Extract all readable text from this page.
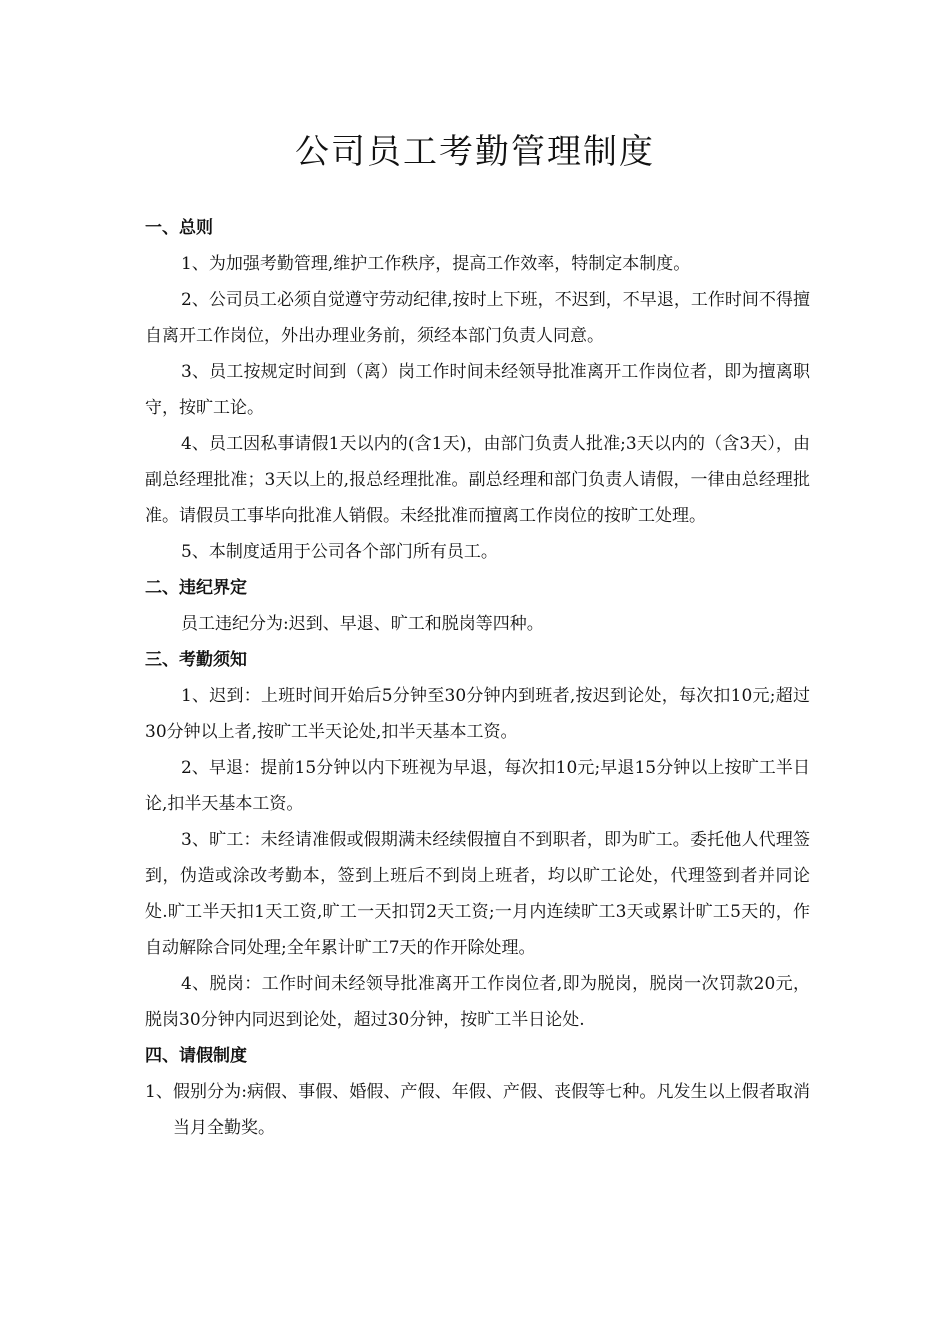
公司员工考勤管理制度
一、总则

1、为加强考勤管理,维护工作秩序，提高工作效率，特制定本制度。

2、公司员工必须自觉遵守劳动纪律,按时上下班，不迟到，不早退，工作时间不得擅自离开工作岗位，外出办理业务前，须经本部门负责人同意。

3、员工按规定时间到（离）岗工作时间未经领导批准离开工作岗位者，即为擅离职守，按旷工论。

4、员工因私事请假1天以内的(含1天)，由部门负责人批准;3天以内的（含3天），由副总经理批准；3天以上的,报总经理批准。副总经理和部门负责人请假，一律由总经理批准。请假员工事毕向批准人销假。未经批准而擅离工作岗位的按旷工处理。

5、本制度适用于公司各个部门所有员工。

二、违纪界定

员工违纪分为:迟到、早退、旷工和脱岗等四种。

三、考勤须知

1、迟到：上班时间开始后5分钟至30分钟内到班者,按迟到论处，每次扣10元;超过30分钟以上者,按旷工半天论处,扣半天基本工资。

2、早退：提前15分钟以内下班视为早退，每次扣10元;早退15分钟以上按旷工半日论,扣半天基本工资。

3、旷工：未经请准假或假期满未经续假擅自不到职者，即为旷工。委托他人代理签到，伪造或涂改考勤本，签到上班后不到岗上班者，均以旷工论处，代理签到者并同论处.旷工半天扣1天工资,旷工一天扣罚2天工资;一月内连续旷工3天或累计旷工5天的，作自动解除合同处理;全年累计旷工7天的作开除处理。

4、脱岗：工作时间未经领导批准离开工作岗位者,即为脱岗，脱岗一次罚款20元，脱岗30分钟内同迟到论处，超过30分钟，按旷工半日论处.

四、请假制度

1、假别分为:病假、事假、婚假、产假、年假、产假、丧假等七种。凡发生以上假者取消当月全勤奖。
